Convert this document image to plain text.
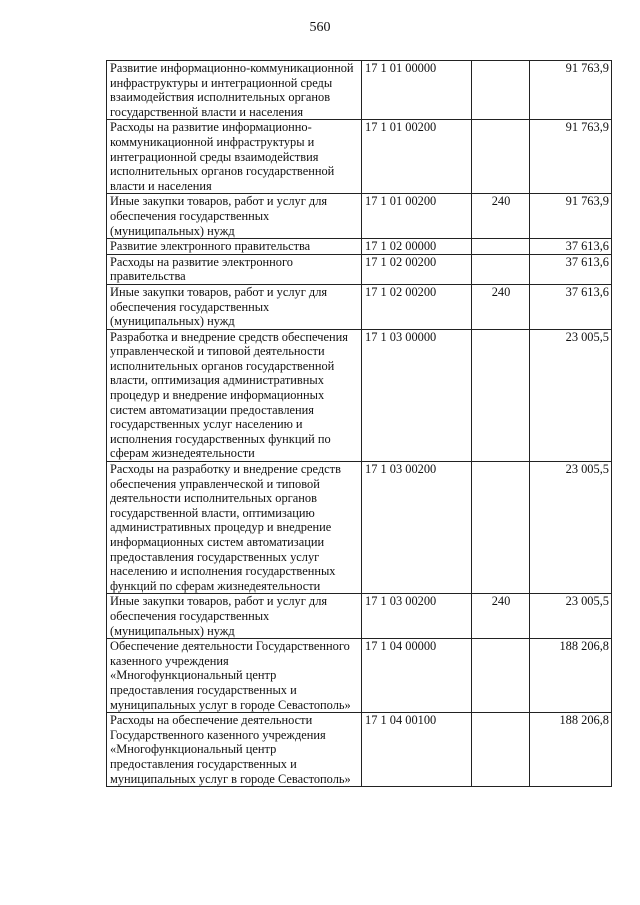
560
Развитие информационно-коммуникационной инфраструктуры и интеграционной среды взаимодействия исполнительных органов государственной власти и населения	17 1 01 00000		91 763,9
Расходы на развитие информационно-коммуникационной инфраструктуры и интеграционной среды взаимодействия исполнительных органов государственной власти и населения	17 1 01 00200		91 763,9
Иные закупки товаров, работ и услуг для обеспечения государственных (муниципальных) нужд	17 1 01 00200	240	91 763,9
Развитие электронного правительства	17 1 02 00000		37 613,6
Расходы на развитие электронного правительства	17 1 02 00200		37 613,6
Иные закупки товаров, работ и услуг для обеспечения государственных (муниципальных) нужд	17 1 02 00200	240	37 613,6
Разработка и внедрение средств обеспечения управленческой и типовой деятельности исполнительных органов государственной власти, оптимизация административных процедур и внедрение информационных систем автоматизации предоставления государственных услуг населению и исполнения государственных функций по сферам жизнедеятельности	17 1 03 00000		23 005,5
Расходы на разработку и внедрение средств обеспечения управленческой и типовой деятельности исполнительных органов государственной власти, оптимизацию административных процедур и внедрение информационных систем автоматизации предоставления государственных услуг населению и исполнения государственных функций по сферам жизнедеятельности	17 1 03 00200		23 005,5
Иные закупки товаров, работ и услуг для обеспечения государственных (муниципальных) нужд	17 1 03 00200	240	23 005,5
Обеспечение деятельности Государственного казенного учреждения «Многофункциональный центр предоставления государственных и муниципальных услуг в городе Севастополь»	17 1 04 00000		188 206,8
Расходы на обеспечение деятельности Государственного казенного учреждения «Многофункциональный центр предоставления государственных и муниципальных услуг в городе Севастополь»	17 1 04 00100		188 206,8
